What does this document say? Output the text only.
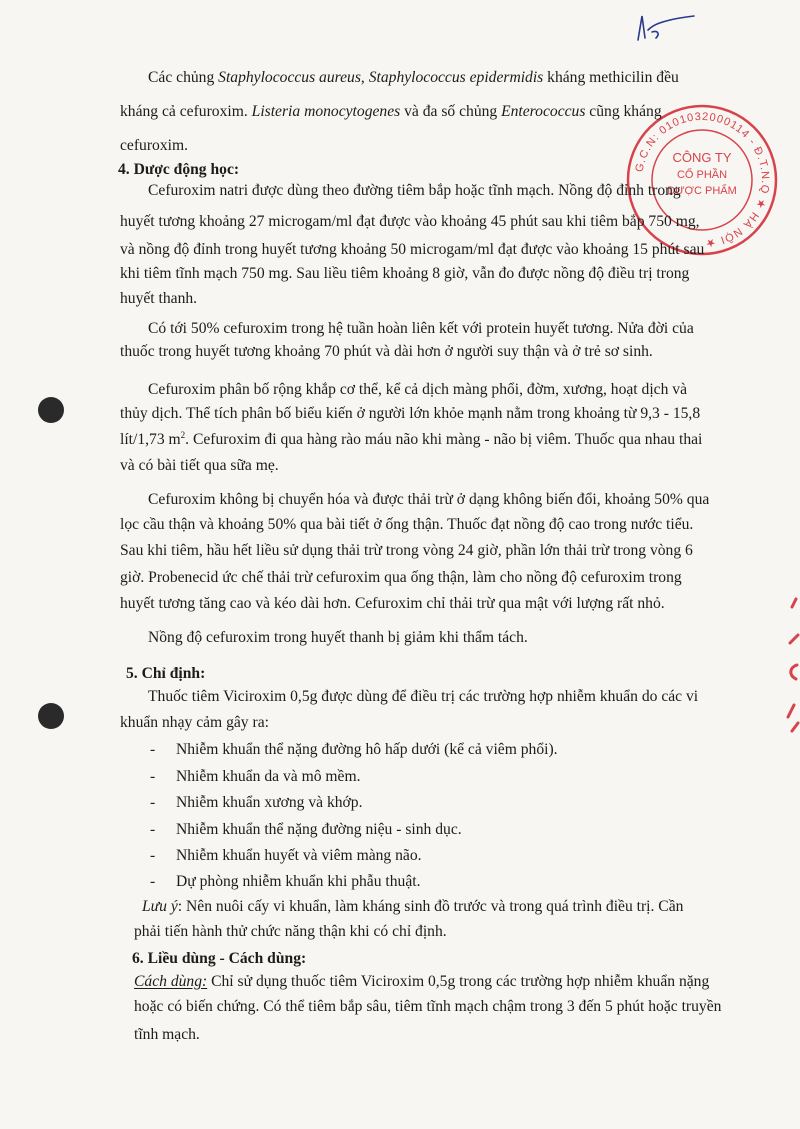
G.C.N: 0101032000114 - Đ.T.N.Q ★ HÀ NỘI ★
CÔNG TY
CỔ PHẦN
DƯỢC PHẨM
Các chủng Staphylococcus aureus, Staphylococcus epidermidis kháng methicilin đều
kháng cả cefuroxim. Listeria monocytogenes và đa số chủng Enterococcus cũng kháng
cefuroxim.
4. Dược động học:
Cefuroxim natri được dùng theo đường tiêm bắp hoặc tĩnh mạch. Nồng độ đỉnh trong
huyết tương khoảng 27 microgam/ml đạt được vào khoảng 45 phút sau khi tiêm bắp 750 mg,
và nồng độ đỉnh trong huyết tương khoảng 50 microgam/ml đạt được vào khoảng 15 phút sau
khi tiêm tĩnh mạch 750 mg. Sau liều tiêm khoảng 8 giờ, vẫn đo được nồng độ điều trị trong
huyết thanh.
Có tới 50% cefuroxim trong hệ tuần hoàn liên kết với protein huyết tương. Nửa đời của
thuốc trong huyết tương khoảng 70 phút và dài hơn ở người suy thận và ở trẻ sơ sinh.
Cefuroxim phân bố rộng khắp cơ thể, kể cả dịch màng phổi, đờm, xương, hoạt dịch và
thủy dịch. Thể tích phân bố biểu kiến ở người lớn khỏe mạnh nằm trong khoảng từ 9,3 - 15,8
lít/1,73 $m^2$. Cefuroxim đi qua hàng rào máu não khi màng - não bị viêm. Thuốc qua nhau thai
và có bài tiết qua sữa mẹ.
Cefuroxim không bị chuyển hóa và được thải trừ ở dạng không biến đổi, khoảng 50% qua
lọc cầu thận và khoảng 50% qua bài tiết ở ống thận. Thuốc đạt nồng độ cao trong nước tiểu.
Sau khi tiêm, hầu hết liều sử dụng thải trừ trong vòng 24 giờ, phần lớn thải trừ trong vòng 6
giờ. Probenecid ức chế thải trừ cefuroxim qua ống thận, làm cho nồng độ cefuroxim trong
huyết tương tăng cao và kéo dài hơn. Cefuroxim chỉ thải trừ qua mật với lượng rất nhỏ.
Nồng độ cefuroxim trong huyết thanh bị giảm khi thẩm tách.
5. Chỉ định:
Thuốc tiêm Viciroxim 0,5g được dùng để điều trị các trường hợp nhiễm khuẩn do các vi
khuẩn nhạy cảm gây ra:
- Nhiễm khuẩn thể nặng đường hô hấp dưới (kể cả viêm phổi).
- Nhiễm khuẩn da và mô mềm.
- Nhiễm khuẩn xương và khớp.
- Nhiễm khuẩn thể nặng đường niệu - sinh dục.
- Nhiễm khuẩn huyết và viêm màng não.
- Dự phòng nhiễm khuẩn khi phẫu thuật.
Lưu ý: Nên nuôi cấy vi khuẩn, làm kháng sinh đồ trước và trong quá trình điều trị. Cần
phải tiến hành thử chức năng thận khi có chỉ định.
6. Liều dùng - Cách dùng:
Cách dùng: Chỉ sử dụng thuốc tiêm Viciroxim 0,5g trong các trường hợp nhiễm khuẩn nặng
hoặc có biến chứng. Có thể tiêm bắp sâu, tiêm tĩnh mạch chậm trong 3 đến 5 phút hoặc truyền
tĩnh mạch.
